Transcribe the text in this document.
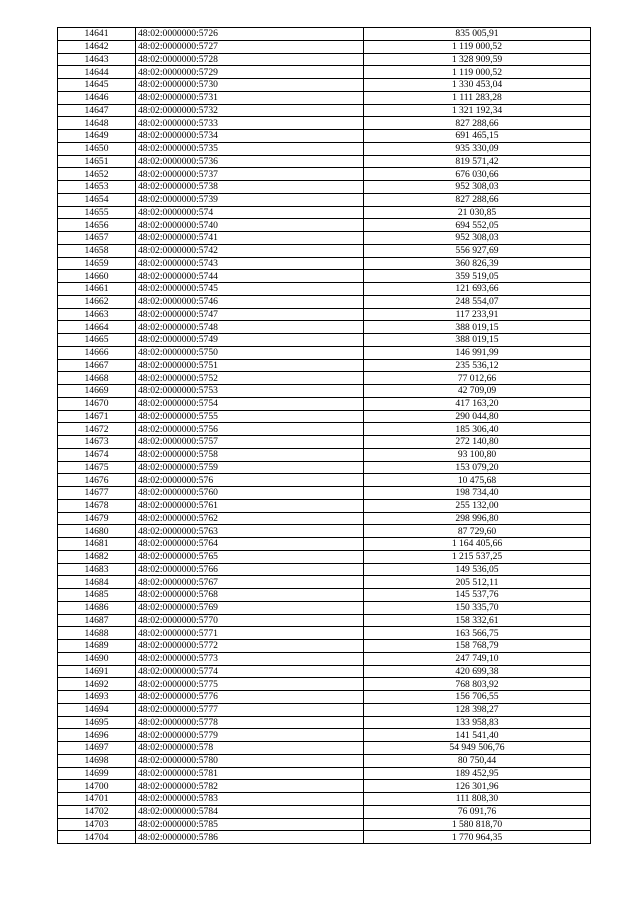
14641	48:02:0000000:5726	835 005,91
14642	48:02:0000000:5727	1 119 000,52
14643	48:02:0000000:5728	1 328 909,59
14644	48:02:0000000:5729	1 119 000,52
14645	48:02:0000000:5730	1 330 453,04
14646	48:02:0000000:5731	1 111 283,28
14647	48:02:0000000:5732	1 321 192,34
14648	48:02:0000000:5733	827 288,66
14649	48:02:0000000:5734	691 465,15
14650	48:02:0000000:5735	935 330,09
14651	48:02:0000000:5736	819 571,42
14652	48:02:0000000:5737	676 030,66
14653	48:02:0000000:5738	952 308,03
14654	48:02:0000000:5739	827 288,66
14655	48:02:0000000:574	21 030,85
14656	48:02:0000000:5740	694 552,05
14657	48:02:0000000:5741	952 308,03
14658	48:02:0000000:5742	556 927,69
14659	48:02:0000000:5743	360 826,39
14660	48:02:0000000:5744	359 519,05
14661	48:02:0000000:5745	121 693,66
14662	48:02:0000000:5746	248 554,07
14663	48:02:0000000:5747	117 233,91
14664	48:02:0000000:5748	388 019,15
14665	48:02:0000000:5749	388 019,15
14666	48:02:0000000:5750	146 991,99
14667	48:02:0000000:5751	235 536,12
14668	48:02:0000000:5752	77 012,66
14669	48:02:0000000:5753	42 709,09
14670	48:02:0000000:5754	417 163,20
14671	48:02:0000000:5755	290 044,80
14672	48:02:0000000:5756	185 306,40
14673	48:02:0000000:5757	272 140,80
14674	48:02:0000000:5758	93 100,80
14675	48:02:0000000:5759	153 079,20
14676	48:02:0000000:576	10 475,68
14677	48:02:0000000:5760	198 734,40
14678	48:02:0000000:5761	255 132,00
14679	48:02:0000000:5762	298 996,80
14680	48:02:0000000:5763	87 729,60
14681	48:02:0000000:5764	1 164 405,66
14682	48:02:0000000:5765	1 215 537,25
14683	48:02:0000000:5766	149 536,05
14684	48:02:0000000:5767	205 512,11
14685	48:02:0000000:5768	145 537,76
14686	48:02:0000000:5769	150 335,70
14687	48:02:0000000:5770	158 332,61
14688	48:02:0000000:5771	163 566,75
14689	48:02:0000000:5772	158 768,79
14690	48:02:0000000:5773	247 749,10
14691	48:02:0000000:5774	420 699,38
14692	48:02:0000000:5775	768 803,92
14693	48:02:0000000:5776	156 706,55
14694	48:02:0000000:5777	128 398,27
14695	48:02:0000000:5778	133 958,83
14696	48:02:0000000:5779	141 541,40
14697	48:02:0000000:578	54 949 506,76
14698	48:02:0000000:5780	80 750,44
14699	48:02:0000000:5781	189 452,95
14700	48:02:0000000:5782	126 301,96
14701	48:02:0000000:5783	111 808,30
14702	48:02:0000000:5784	76 091,76
14703	48:02:0000000:5785	1 580 818,70
14704	48:02:0000000:5786	1 770 964,35
